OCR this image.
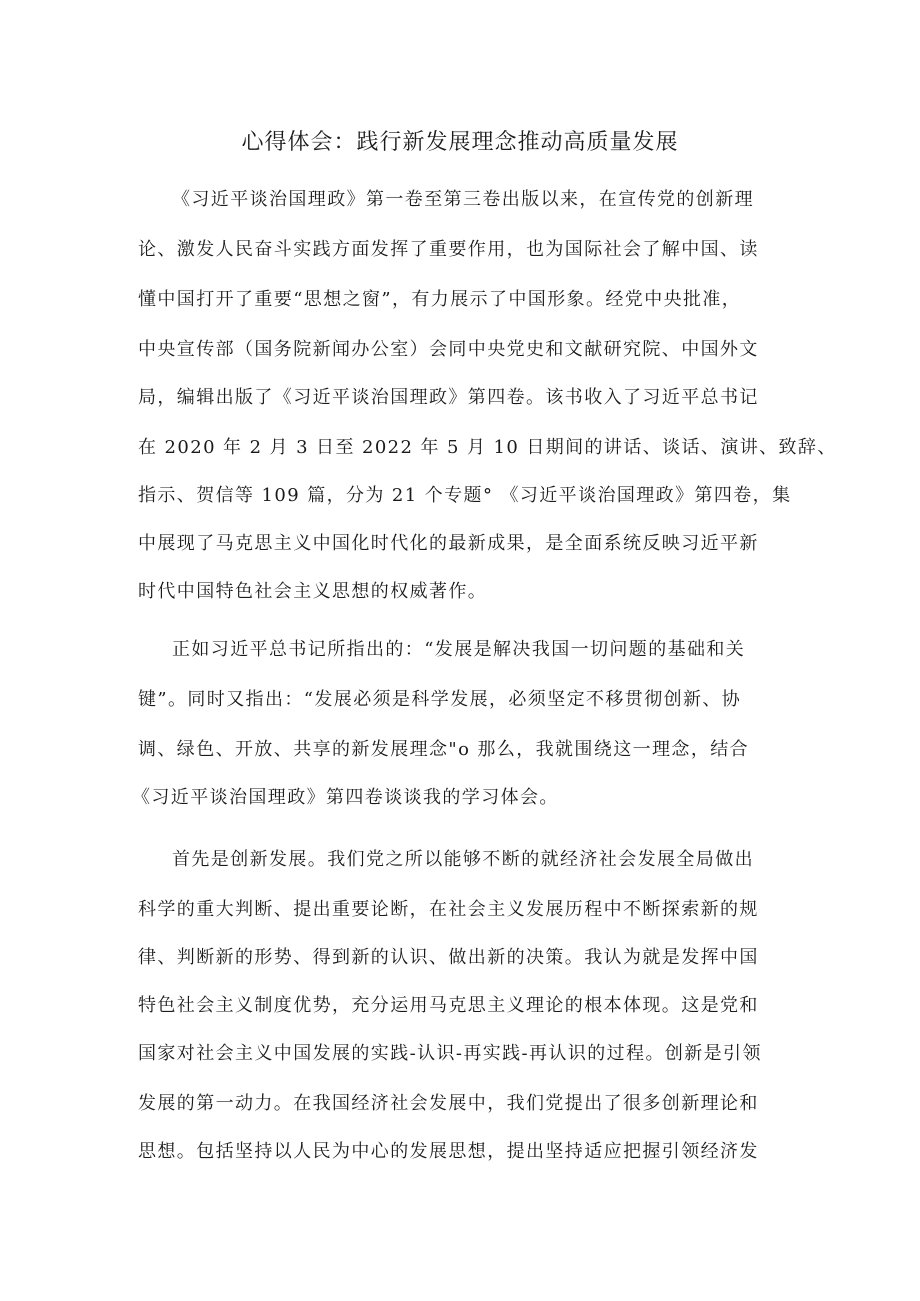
心得体会：践行新发展理念推动高质量发展
《习近平谈治国理政》第一卷至第三卷出版以来，在宣传党的创新理
论、激发人民奋斗实践方面发挥了重要作用，也为国际社会了解中国、读
懂中国打开了重要“思想之窗”，有力展示了中国形象。经党中央批准，
中央宣传部（国务院新闻办公室）会同中央党史和文献研究院、中国外文
局，编辑出版了《习近平谈治国理政》第四卷。该书收入了习近平总书记
在 2020 年 2 月 3 日至 2022 年 5 月 10 日期间的讲话、谈话、演讲、致辞、
指示、贺信等 109 篇，分为 21 个专题° 《习近平谈治国理政》第四卷，集
中展现了马克思主义中国化时代化的最新成果，是全面系统反映习近平新
时代中国特色社会主义思想的权威著作。
正如习近平总书记所指出的：“发展是解决我国一切问题的基础和关
键”。同时又指出：“发展必须是科学发展，必须坚定不移贯彻创新、协
调、绿色、开放、共享的新发展理念"o 那么，我就围绕这一理念，结合
《习近平谈治国理政》第四卷谈谈我的学习体会。
首先是创新发展。我们党之所以能够不断的就经济社会发展全局做出
科学的重大判断、提出重要论断，在社会主义发展历程中不断探索新的规
律、判断新的形势、得到新的认识、做出新的决策。我认为就是发挥中国
特色社会主义制度优势，充分运用马克思主义理论的根本体现。这是党和
国家对社会主义中国发展的实践-认识-再实践-再认识的过程。创新是引领
发展的第一动力。在我国经济社会发展中，我们党提出了很多创新理论和
思想。包括坚持以人民为中心的发展思想，提出坚持适应把握引领经济发
